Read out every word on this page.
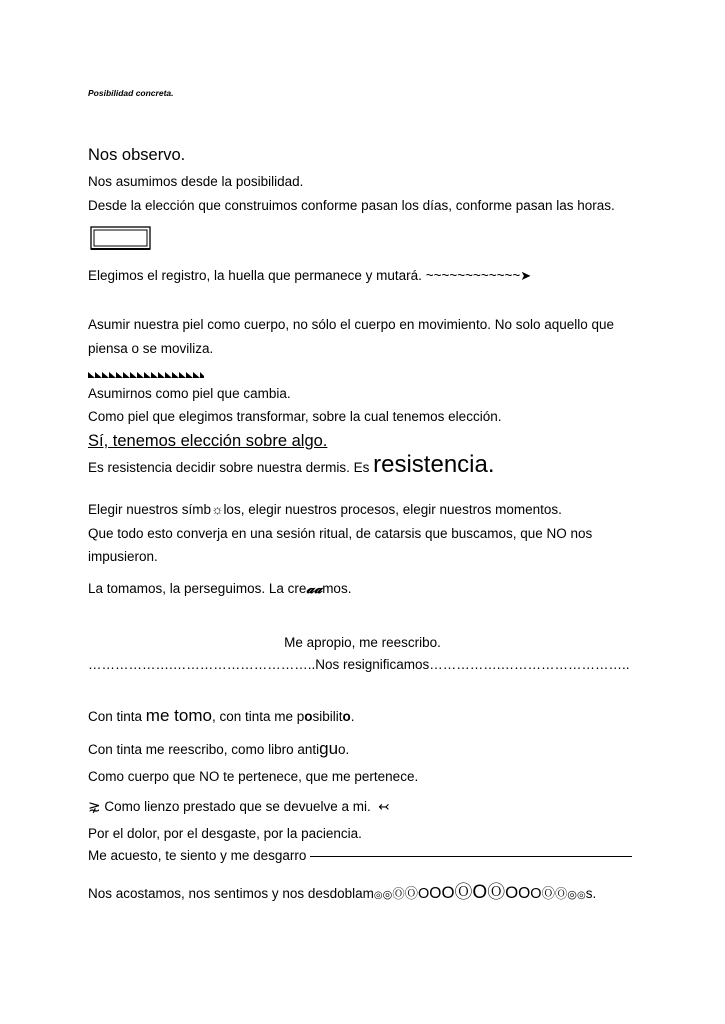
Posibilidad concreta.
Nos observo.
Nos asumimos desde la posibilidad.
Desde la elección que construimos conforme pasan los días, conforme pasan las horas.
Elegimos el registro, la huella que permanece y mutará. ~~~~~~~~~~~~➤
Asumir nuestra piel como cuerpo, no sólo el cuerpo en movimiento. No solo aquello que
piensa o se moviliza.
Asumirnos como piel que cambia.
Como piel que elegimos transformar, sobre la cual tenemos elección.
Sí, tenemos elección sobre algo.
Es resistencia decidir sobre nuestra dermis. Es resistencia.
Elegir nuestros símb☼los, elegir nuestros procesos, elegir nuestros momentos.
Que todo esto converja en una sesión ritual, de catarsis que buscamos, que NO nos
impusieron.
La tomamos, la perseguimos. La cre𝓪𝓪mos.
Me apropio, me reescribo.
……………….…………………………..Nos resignificamos…………….………………………..
Con tinta me tomo, con tinta me posibilito.
Con tinta me reescribo, como libro antiguo.
Como cuerpo que NO te pertenece, que me pertenece.
⋧ Como lienzo prestado que se devuelve a mi. ↢
Por el dolor, por el desgaste, por la paciencia.
Me acuesto, te siento y me desgarro
Nos acostamos, nos sentimos y nos desdoblam◎◎ⓄⓄOOOⓄOⓄOOOⓄⓄ◎◎s.
